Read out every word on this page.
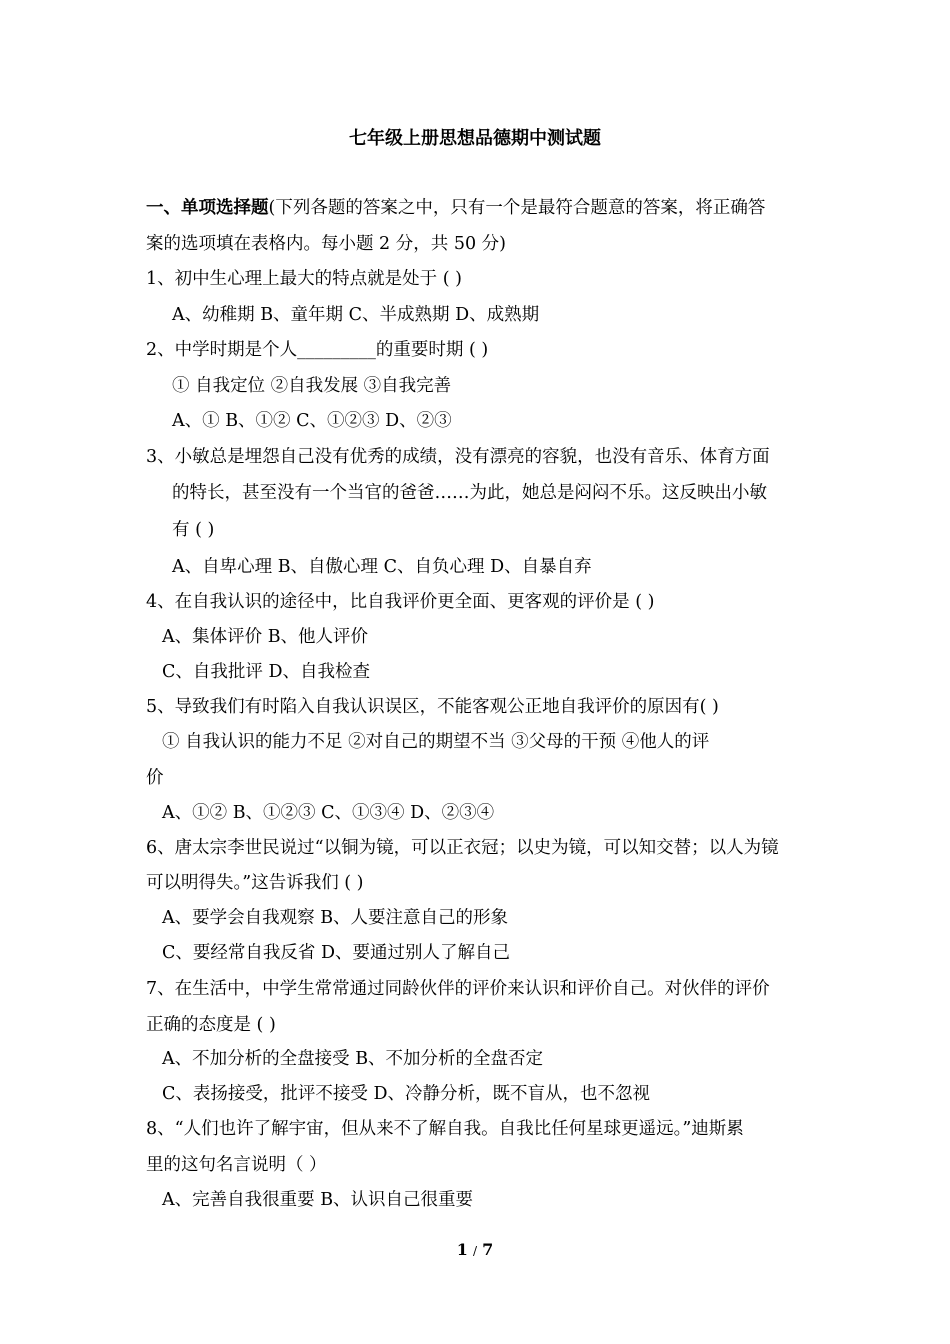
七年级上册思想品德期中测试题
一、单项选择题(下列各题的答案之中，只有一个是最符合题意的答案，将正确答
案的选项填在表格内。每小题 2 分，共 50 分)
1、初中生心理上最大的特点就是处于 ( )
A、幼稚期 B、童年期 C、半成熟期 D、成熟期
2、中学时期是个人_________的重要时期 ( )
① 自我定位 ②自我发展 ③自我完善
A、① B、①② C、①②③ D、②③
3、小敏总是埋怨自己没有优秀的成绩，没有漂亮的容貌，也没有音乐、体育方面
的特长，甚至没有一个当官的爸爸……为此，她总是闷闷不乐。这反映出小敏
有 ( )
A、自卑心理 B、自傲心理 C、自负心理 D、自暴自弃
4、在自我认识的途径中，比自我评价更全面、更客观的评价是 ( )
A、集体评价 B、他人评价
C、自我批评 D、自我检查
5、导致我们有时陷入自我认识误区，不能客观公正地自我评价的原因有( )
① 自我认识的能力不足 ②对自己的期望不当 ③父母的干预 ④他人的评
价
A、①② B、①②③ C、①③④ D、②③④
6、唐太宗李世民说过“以铜为镜，可以正衣冠；以史为镜，可以知交替；以人为镜
可以明得失。”这告诉我们 ( )
A、要学会自我观察 B、人要注意自己的形象
C、要经常自我反省 D、要通过别人了解自己
7、在生活中，中学生常常通过同龄伙伴的评价来认识和评价自己。对伙伴的评价
正确的态度是 ( )
A、不加分析的全盘接受 B、不加分析的全盘否定
C、表扬接受，批评不接受 D、冷静分析，既不盲从，也不忽视
8、“人们也许了解宇宙，但从来不了解自我。自我比任何星球更遥远。”迪斯累
里的这句名言说明（ ）
A、完善自我很重要 B、认识自己很重要
1 / 7
